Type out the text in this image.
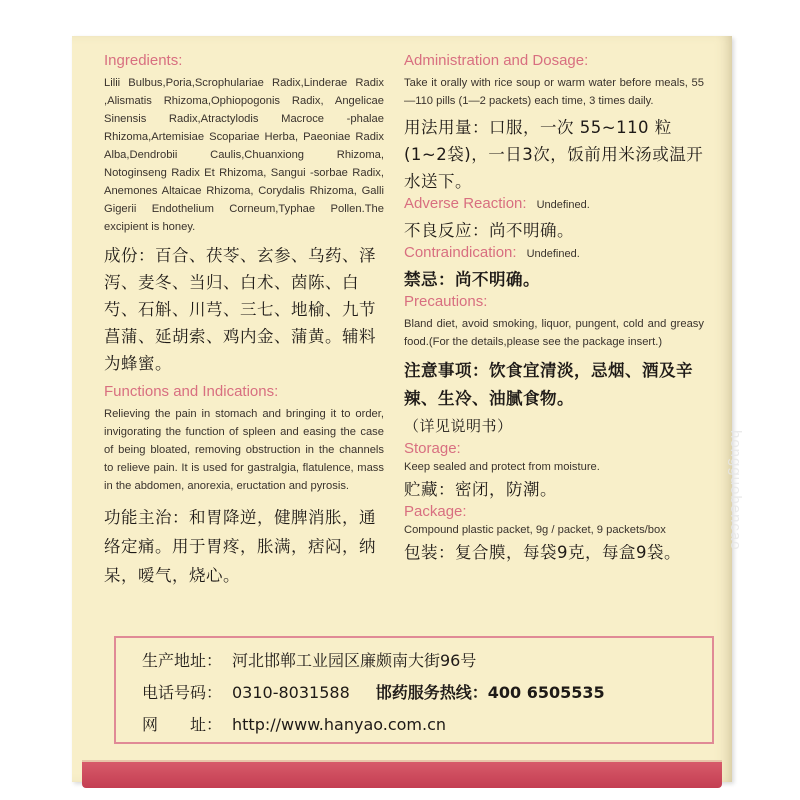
Ingredients:

Lilii Bulbus,Poria,Scrophulariae Radix,Linderae Radix ,Alismatis Rhizoma,Ophiopogonis Radix, Angelicae Sinensis Radix,Atractylodis Macroce -phalae Rhizoma,Artemisiae Scopariae Herba, Paeoniae Radix Alba,Dendrobii Caulis,Chuanxiong Rhizoma, Notoginseng Radix Et Rhizoma, Sangui -sorbae Radix, Anemones Altaicae Rhizoma, Corydalis Rhizoma, Galli Gigerii Endothelium Corneum,Typhae Pollen.The excipient is honey.

成份：百合、茯苓、玄参、乌药、泽泻、麦冬、当归、白术、茵陈、白芍、石斛、川芎、三七、地榆、九节菖蒲、延胡索、鸡内金、蒲黄。辅料为蜂蜜。

Functions and Indications:

Relieving the pain in stomach and bringing it to order, invigorating the function of spleen and easing the case of being bloated, removing obstruction in the channels to relieve pain. It is used for gastralgia, flatulence, mass in the abdomen, anorexia, eructation and pyrosis.

功能主治：和胃降逆，健脾消胀，通络定痛。用于胃疼，胀满，痞闷，纳呆，嗳气，烧心。

Administration and Dosage:

Take it orally with rice soup or warm water before meals, 55—110 pills (1—2 packets) each time, 3 times daily.

用法用量：口服，一次 55~110 粒(1~2袋)，一日3次，饭前用米汤或温开水送下。

Adverse Reaction: Undefined.

不良反应：尚不明确。

Contraindication: Undefined.

禁忌：尚不明确。

Precautions:

Bland diet, avoid smoking, liquor, pungent, cold and greasy food.(For the details,please see the package insert.)

注意事项：饮食宜清淡，忌烟、酒及辛辣、生冷、油腻食物。

（详见说明书）

Storage:

Keep sealed and protect from moisture.

贮藏：密闭，防潮。

Package:

Compound plastic packet, 9g / packet, 9 packets/box

包装：复合膜，每袋9克，每盒9袋。

生产地址： 河北邯郸工业园区廉颇南大街96号
电话号码： 0310-8031588 邯药服务热线：400 6505535
网　　址： http://www.hanyao.com.cn
hongguobencao
